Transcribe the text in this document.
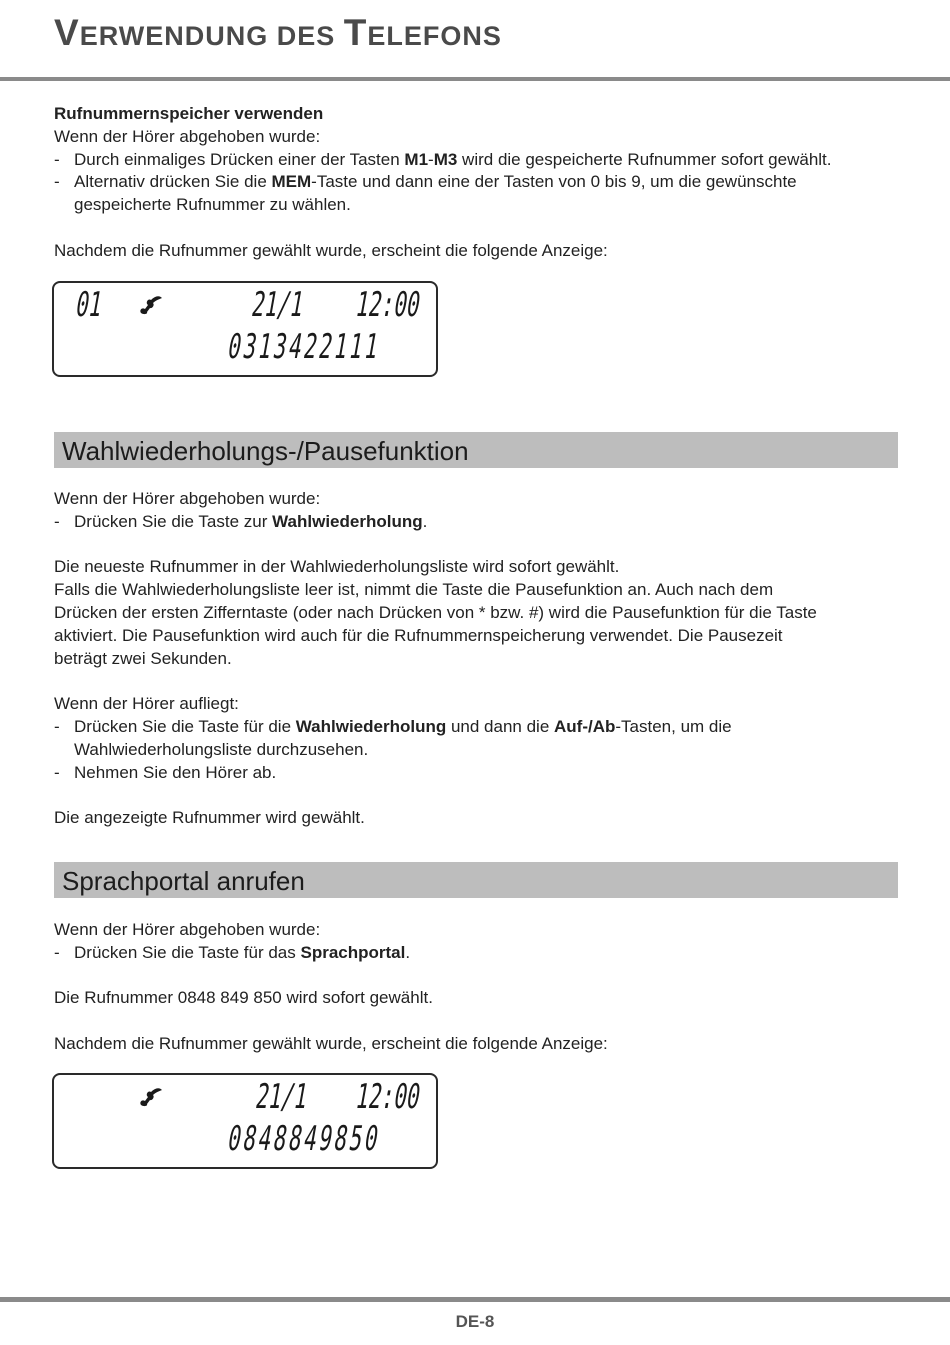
VERWENDUNG DES TELEFONS
Rufnummernspeicher verwenden
Wenn der Hörer abgehoben wurde:
- Durch einmaliges Drücken einer der Tasten M1-M3 wird die gespeicherte Rufnummer sofort gewählt.
- Alternativ drücken Sie die MEM-Taste und dann eine der Tasten von 0 bis 9, um die gewünschte
gespeicherte Rufnummer zu wählen.
Nachdem die Rufnummer gewählt wurde, erscheint die folgende Anzeige:
01	21/1 12:00
0313422111
Wahlwiederholungs-/Pausefunktion
Wenn der Hörer abgehoben wurde:
- Drücken Sie die Taste zur Wahlwiederholung.
Die neueste Rufnummer in der Wahlwiederholungsliste wird sofort gewählt.
Falls die Wahlwiederholungsliste leer ist, nimmt die Taste die Pausefunktion an. Auch nach dem
Drücken der ersten Zifferntaste (oder nach Drücken von * bzw. #) wird die Pausefunktion für die Taste
aktiviert. Die Pausefunktion wird auch für die Rufnummernspeicherung verwendet. Die Pausezeit
beträgt zwei Sekunden.
Wenn der Hörer aufliegt:
- Drücken Sie die Taste für die Wahlwiederholung und dann die Auf-/Ab-Tasten, um die
Wahlwiederholungsliste durchzusehen.
- Nehmen Sie den Hörer ab.
Die angezeigte Rufnummer wird gewählt.
Sprachportal anrufen
Wenn der Hörer abgehoben wurde:
- Drücken Sie die Taste für das Sprachportal.
Die Rufnummer 0848 849 850 wird sofort gewählt.
Nachdem die Rufnummer gewählt wurde, erscheint die folgende Anzeige:
21/1 12:00
0848849850
DE-8
